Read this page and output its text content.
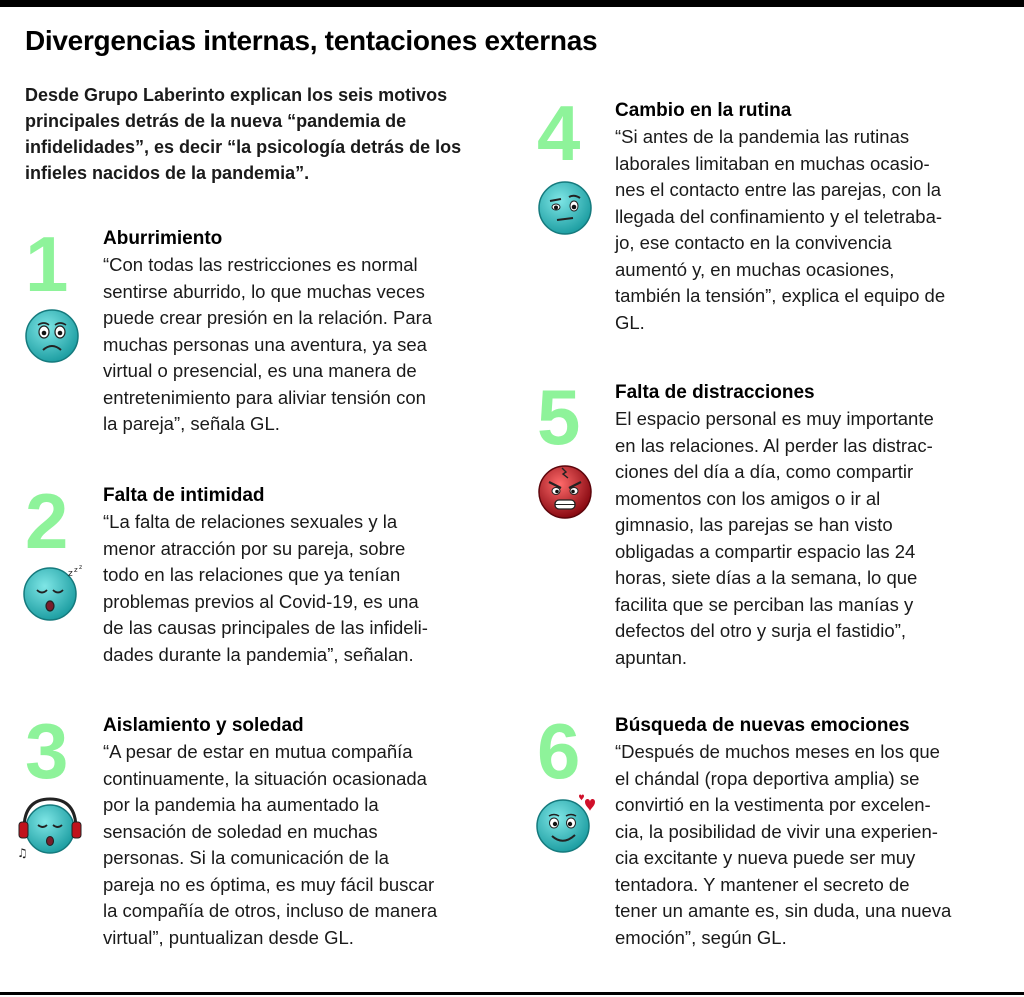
Divergencias internas, tentaciones externas

Desde Grupo Laberinto explican los seis motivos principales detrás de la nueva “pandemia de infidelidades”, es decir “la psicología detrás de los infieles nacidos de la pandemia”.

1 Aburrimiento

“Con todas las restricciones es normal
sentirse aburrido, lo que muchas veces
puede crear presión en la relación. Para
muchas personas una aventura, ya sea
virtual o presencial, es una manera de
entretenimiento para aliviar tensión con
la pareja”, señala GL.

2
z z z
Falta de intimidad

“La falta de relaciones sexuales y la
menor atracción por su pareja, sobre
todo en las relaciones que ya tenían
problemas previos al Covid-19, es una
de las causas principales de las infideli-
dades durante la pandemia”, señalan.

3
♫
Aislamiento y soledad

“A pesar de estar en mutua compañía
continuamente, la situación ocasionada
por la pandemia ha aumentado la
sensación de soledad en muchas
personas. Si la comunicación de la
pareja no es óptima, es muy fácil buscar
la compañía de otros, incluso de manera
virtual”, puntualizan desde GL.

4 Cambio en la rutina

“Si antes de la pandemia las rutinas
laborales limitaban en muchas ocasio-
nes el contacto entre las parejas, con la
llegada del confinamiento y el teletraba-
jo, ese contacto en la convivencia
aumentó y, en muchas ocasiones,
también la tensión”, explica el equipo de
GL.

5 Falta de distracciones

El espacio personal es muy importante
en las relaciones. Al perder las distrac-
ciones del día a día, como compartir
momentos con los amigos o ir al
gimnasio, las parejas se han visto
obligadas a compartir espacio las 24
horas, siete días a la semana, lo que
facilita que se perciban las manías y
defectos del otro y surja el fastidio”,
apuntan.

6 Búsqueda de nuevas emociones

“Después de muchos meses en los que
el chándal (ropa deportiva amplia) se
convirtió en la vestimenta por excelen-
cia, la posibilidad de vivir una experien-
cia excitante y nueva puede ser muy
tentadora. Y mantener el secreto de
tener un amante es, sin duda, una nueva
emoción”, según GL.
